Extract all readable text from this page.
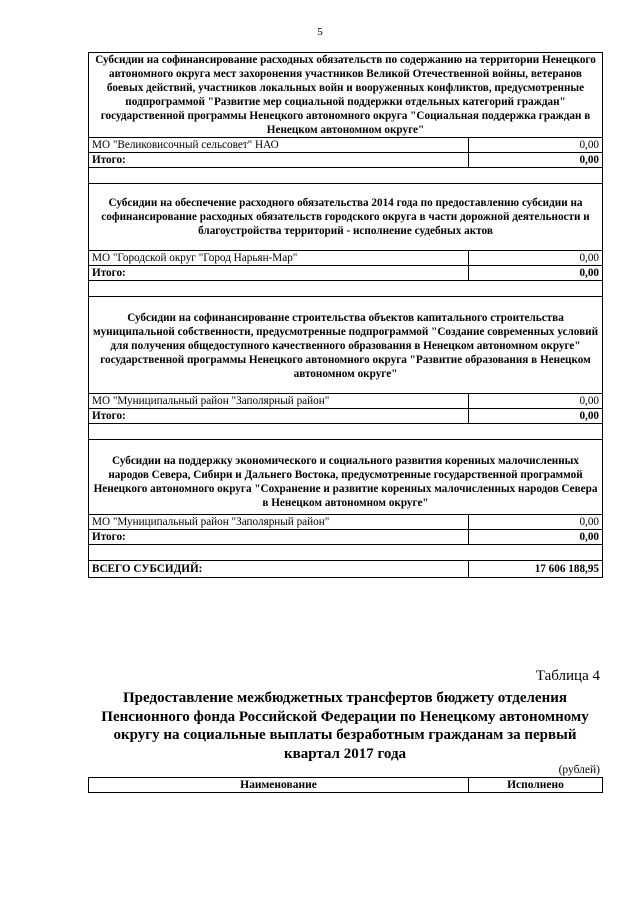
5
Субсидии на софинансирование расходных обязательств по содержанию на территории Ненецкого автономного округа мест захоронения участников Великой Отечественной войны, ветеранов боевых действий, участников локальных войн и вооруженных конфликтов, предусмотренные подпрограммой "Развитие мер социальной поддержки отдельных категорий граждан" государственной программы Ненецкого автономного округа "Социальная поддержка граждан в Ненецком автономном округе"	
МО "Великовисочный сельсовет" НАО	0,00
Итого:	0,00

Субсидии на обеспечение расходного обязательства 2014 года по предоставлению субсидии на софинансирование расходных обязательств городского округа в части дорожной деятельности и благоустройства территорий - исполнение судебных актов	
МО "Городской округ "Город Нарьян-Мар"	0,00
Итого:	0,00

Субсидии на софинансирование строительства объектов капитального строительства муниципальной собственности, предусмотренные подпрограммой "Создание современных условий для получения общедоступного качественного образования в Ненецком автономном округе" государственной программы Ненецкого автономного округа "Развитие образования в Ненецком автономном округе"	
МО "Муниципальный район "Заполярный район"	0,00
Итого:	0,00

Субсидии на поддержку экономического и социального развития коренных малочисленных народов Севера, Сибири и Дальнего Востока, предусмотренные государственной программой Ненецкого автономного округа "Сохранение и развитие коренных малочисленных народов Севера в Ненецком автономном округе"	
МО "Муниципальный район "Заполярный район"	0,00
Итого:	0,00

ВСЕГО СУБСИДИЙ:	17 606 188,95
Таблица 4
Предоставление межбюджетных трансфертов бюджету отделения Пенсионного фонда Российской Федерации по Ненецкому автономному округу на социальные выплаты безработным гражданам за первый квартал 2017 года
(рублей)
Наименование	Исполнено
